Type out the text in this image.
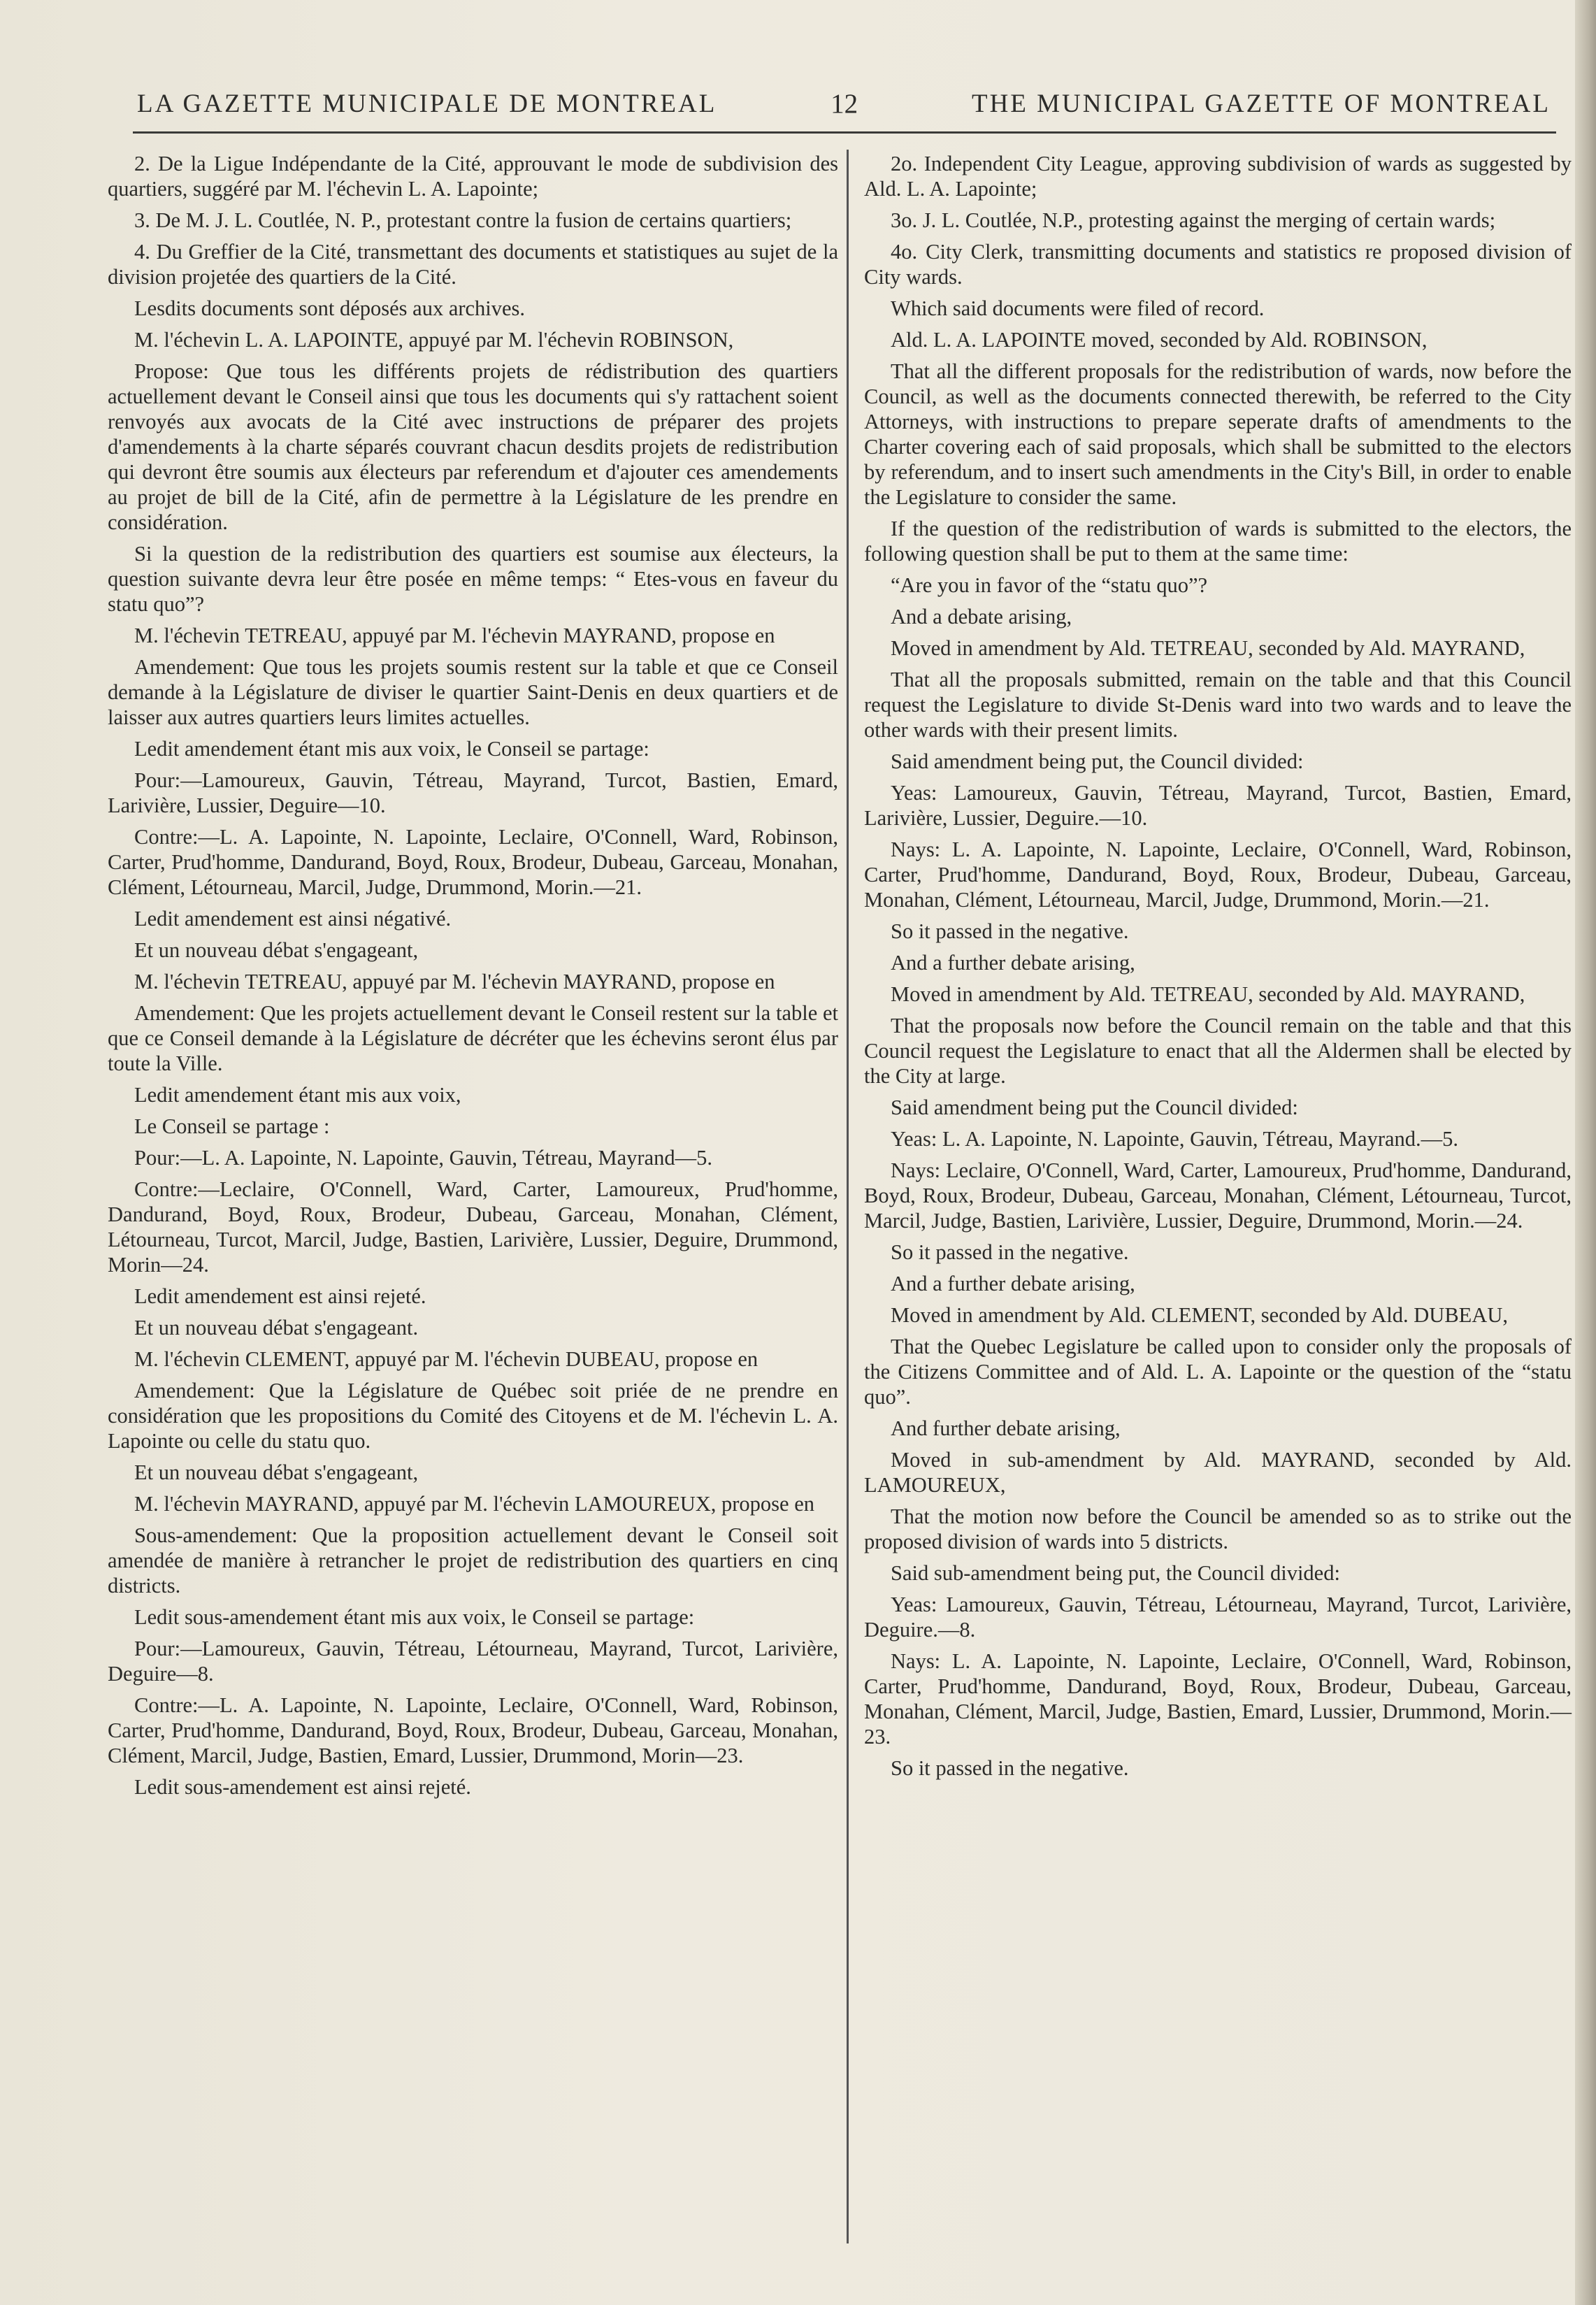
LA GAZETTE MUNICIPALE DE MONTREAL	12	THE MUNICIPAL GAZETTE OF MONTREAL

2. De la Ligue Indépendante de la Cité, approuvant le mode de subdivision des quartiers, suggéré par M. l'échevin L. A. Lapointe;

3. De M. J. L. Coutlée, N. P., protestant contre la fusion de certains quartiers;

4. Du Greffier de la Cité, transmettant des documents et statistiques au sujet de la division projetée des quartiers de la Cité.

Lesdits documents sont déposés aux archives.

M. l'échevin L. A. LAPOINTE, appuyé par M. l'échevin ROBINSON,

Propose: Que tous les différents projets de rédistribution des quartiers actuellement devant le Conseil ainsi que tous les documents qui s'y rattachent soient renvoyés aux avocats de la Cité avec instructions de préparer des projets d'amendements à la charte séparés couvrant chacun desdits projets de redistribution qui devront être soumis aux électeurs par referendum et d'ajouter ces amendements au projet de bill de la Cité, afin de permettre à la Législature de les prendre en considération.

Si la question de la redistribution des quartiers est soumise aux électeurs, la question suivante devra leur être posée en même temps: “ Etes-vous en faveur du statu quo”?

M. l'échevin TETREAU, appuyé par M. l'échevin MAYRAND, propose en

Amendement: Que tous les projets soumis restent sur la table et que ce Conseil demande à la Législature de diviser le quartier Saint-Denis en deux quartiers et de laisser aux autres quartiers leurs limites actuelles.

Ledit amendement étant mis aux voix, le Conseil se partage:

Pour:—Lamoureux, Gauvin, Tétreau, Mayrand, Turcot, Bastien, Emard, Larivière, Lussier, Deguire—10.

Contre:—L. A. Lapointe, N. Lapointe, Leclaire, O'Connell, Ward, Robinson, Carter, Prud'homme, Dandurand, Boyd, Roux, Brodeur, Dubeau, Garceau, Monahan, Clément, Létourneau, Marcil, Judge, Drummond, Morin.—21.

Ledit amendement est ainsi négativé.

Et un nouveau débat s'engageant,

M. l'échevin TETREAU, appuyé par M. l'échevin MAYRAND, propose en

Amendement: Que les projets actuellement devant le Conseil restent sur la table et que ce Conseil demande à la Législature de décréter que les échevins seront élus par toute la Ville.

Ledit amendement étant mis aux voix,

Le Conseil se partage :

Pour:—L. A. Lapointe, N. Lapointe, Gauvin, Tétreau, Mayrand—5.

Contre:—Leclaire, O'Connell, Ward, Carter, Lamoureux, Prud'homme, Dandurand, Boyd, Roux, Brodeur, Dubeau, Garceau, Monahan, Clément, Létourneau, Turcot, Marcil, Judge, Bastien, Larivière, Lussier, Deguire, Drummond, Morin—24.

Ledit amendement est ainsi rejeté.

Et un nouveau débat s'engageant.

M. l'échevin CLEMENT, appuyé par M. l'échevin DUBEAU, propose en

Amendement: Que la Législature de Québec soit priée de ne prendre en considération que les propositions du Comité des Citoyens et de M. l'échevin L. A. Lapointe ou celle du statu quo.

Et un nouveau débat s'engageant,

M. l'échevin MAYRAND, appuyé par M. l'échevin LAMOUREUX, propose en

Sous-amendement: Que la proposition actuellement devant le Conseil soit amendée de manière à retrancher le projet de redistribution des quartiers en cinq districts.

Ledit sous-amendement étant mis aux voix, le Conseil se partage:

Pour:—Lamoureux, Gauvin, Tétreau, Létourneau, Mayrand, Turcot, Larivière, Deguire—8.

Contre:—L. A. Lapointe, N. Lapointe, Leclaire, O'Connell, Ward, Robinson, Carter, Prud'homme, Dandurand, Boyd, Roux, Brodeur, Dubeau, Garceau, Monahan, Clément, Marcil, Judge, Bastien, Emard, Lussier, Drummond, Morin—23.

Ledit sous-amendement est ainsi rejeté.

2o. Independent City League, approving subdivision of wards as suggested by Ald. L. A. Lapointe;

3o. J. L. Coutlée, N.P., protesting against the merging of certain wards;

4o. City Clerk, transmitting documents and statistics re proposed division of City wards.

Which said documents were filed of record.

Ald. L. A. LAPOINTE moved, seconded by Ald. ROBINSON,

That all the different proposals for the redistribution of wards, now before the Council, as well as the documents connected therewith, be referred to the City Attorneys, with instructions to prepare seperate drafts of amendments to the Charter covering each of said proposals, which shall be submitted to the electors by referendum, and to insert such amendments in the City's Bill, in order to enable the Legislature to consider the same.

If the question of the redistribution of wards is submitted to the electors, the following question shall be put to them at the same time:

“Are you in favor of the “statu quo”?

And a debate arising,

Moved in amendment by Ald. TETREAU, seconded by Ald. MAYRAND,

That all the proposals submitted, remain on the table and that this Council request the Legislature to divide St-Denis ward into two wards and to leave the other wards with their present limits.

Said amendment being put, the Council divided:

Yeas: Lamoureux, Gauvin, Tétreau, Mayrand, Turcot, Bastien, Emard, Larivière, Lussier, Deguire.—10.

Nays: L. A. Lapointe, N. Lapointe, Leclaire, O'Connell, Ward, Robinson, Carter, Prud'homme, Dandurand, Boyd, Roux, Brodeur, Dubeau, Garceau, Monahan, Clément, Létourneau, Marcil, Judge, Drummond, Morin.—21.

So it passed in the negative.

And a further debate arising,

Moved in amendment by Ald. TETREAU, seconded by Ald. MAYRAND,

That the proposals now before the Council remain on the table and that this Council request the Legislature to enact that all the Aldermen shall be elected by the City at large.

Said amendment being put the Council divided:

Yeas: L. A. Lapointe, N. Lapointe, Gauvin, Tétreau, Mayrand.—5.

Nays: Leclaire, O'Connell, Ward, Carter, Lamoureux, Prud'homme, Dandurand, Boyd, Roux, Brodeur, Dubeau, Garceau, Monahan, Clément, Létourneau, Turcot, Marcil, Judge, Bastien, Larivière, Lussier, Deguire, Drummond, Morin.—24.

So it passed in the negative.

And a further debate arising,

Moved in amendment by Ald. CLEMENT, seconded by Ald. DUBEAU,

That the Quebec Legislature be called upon to consider only the proposals of the Citizens Committee and of Ald. L. A. Lapointe or the question of the “statu quo”.

And further debate arising,

Moved in sub-amendment by Ald. MAYRAND, seconded by Ald. LAMOUREUX,

That the motion now before the Council be amended so as to strike out the proposed division of wards into 5 districts.

Said sub-amendment being put, the Council divided:

Yeas: Lamoureux, Gauvin, Tétreau, Létourneau, Mayrand, Turcot, Larivière, Deguire.—8.

Nays: L. A. Lapointe, N. Lapointe, Leclaire, O'Connell, Ward, Robinson, Carter, Prud'homme, Dandurand, Boyd, Roux, Brodeur, Dubeau, Garceau, Monahan, Clément, Marcil, Judge, Bastien, Emard, Lussier, Drummond, Morin.—23.

So it passed in the negative.
